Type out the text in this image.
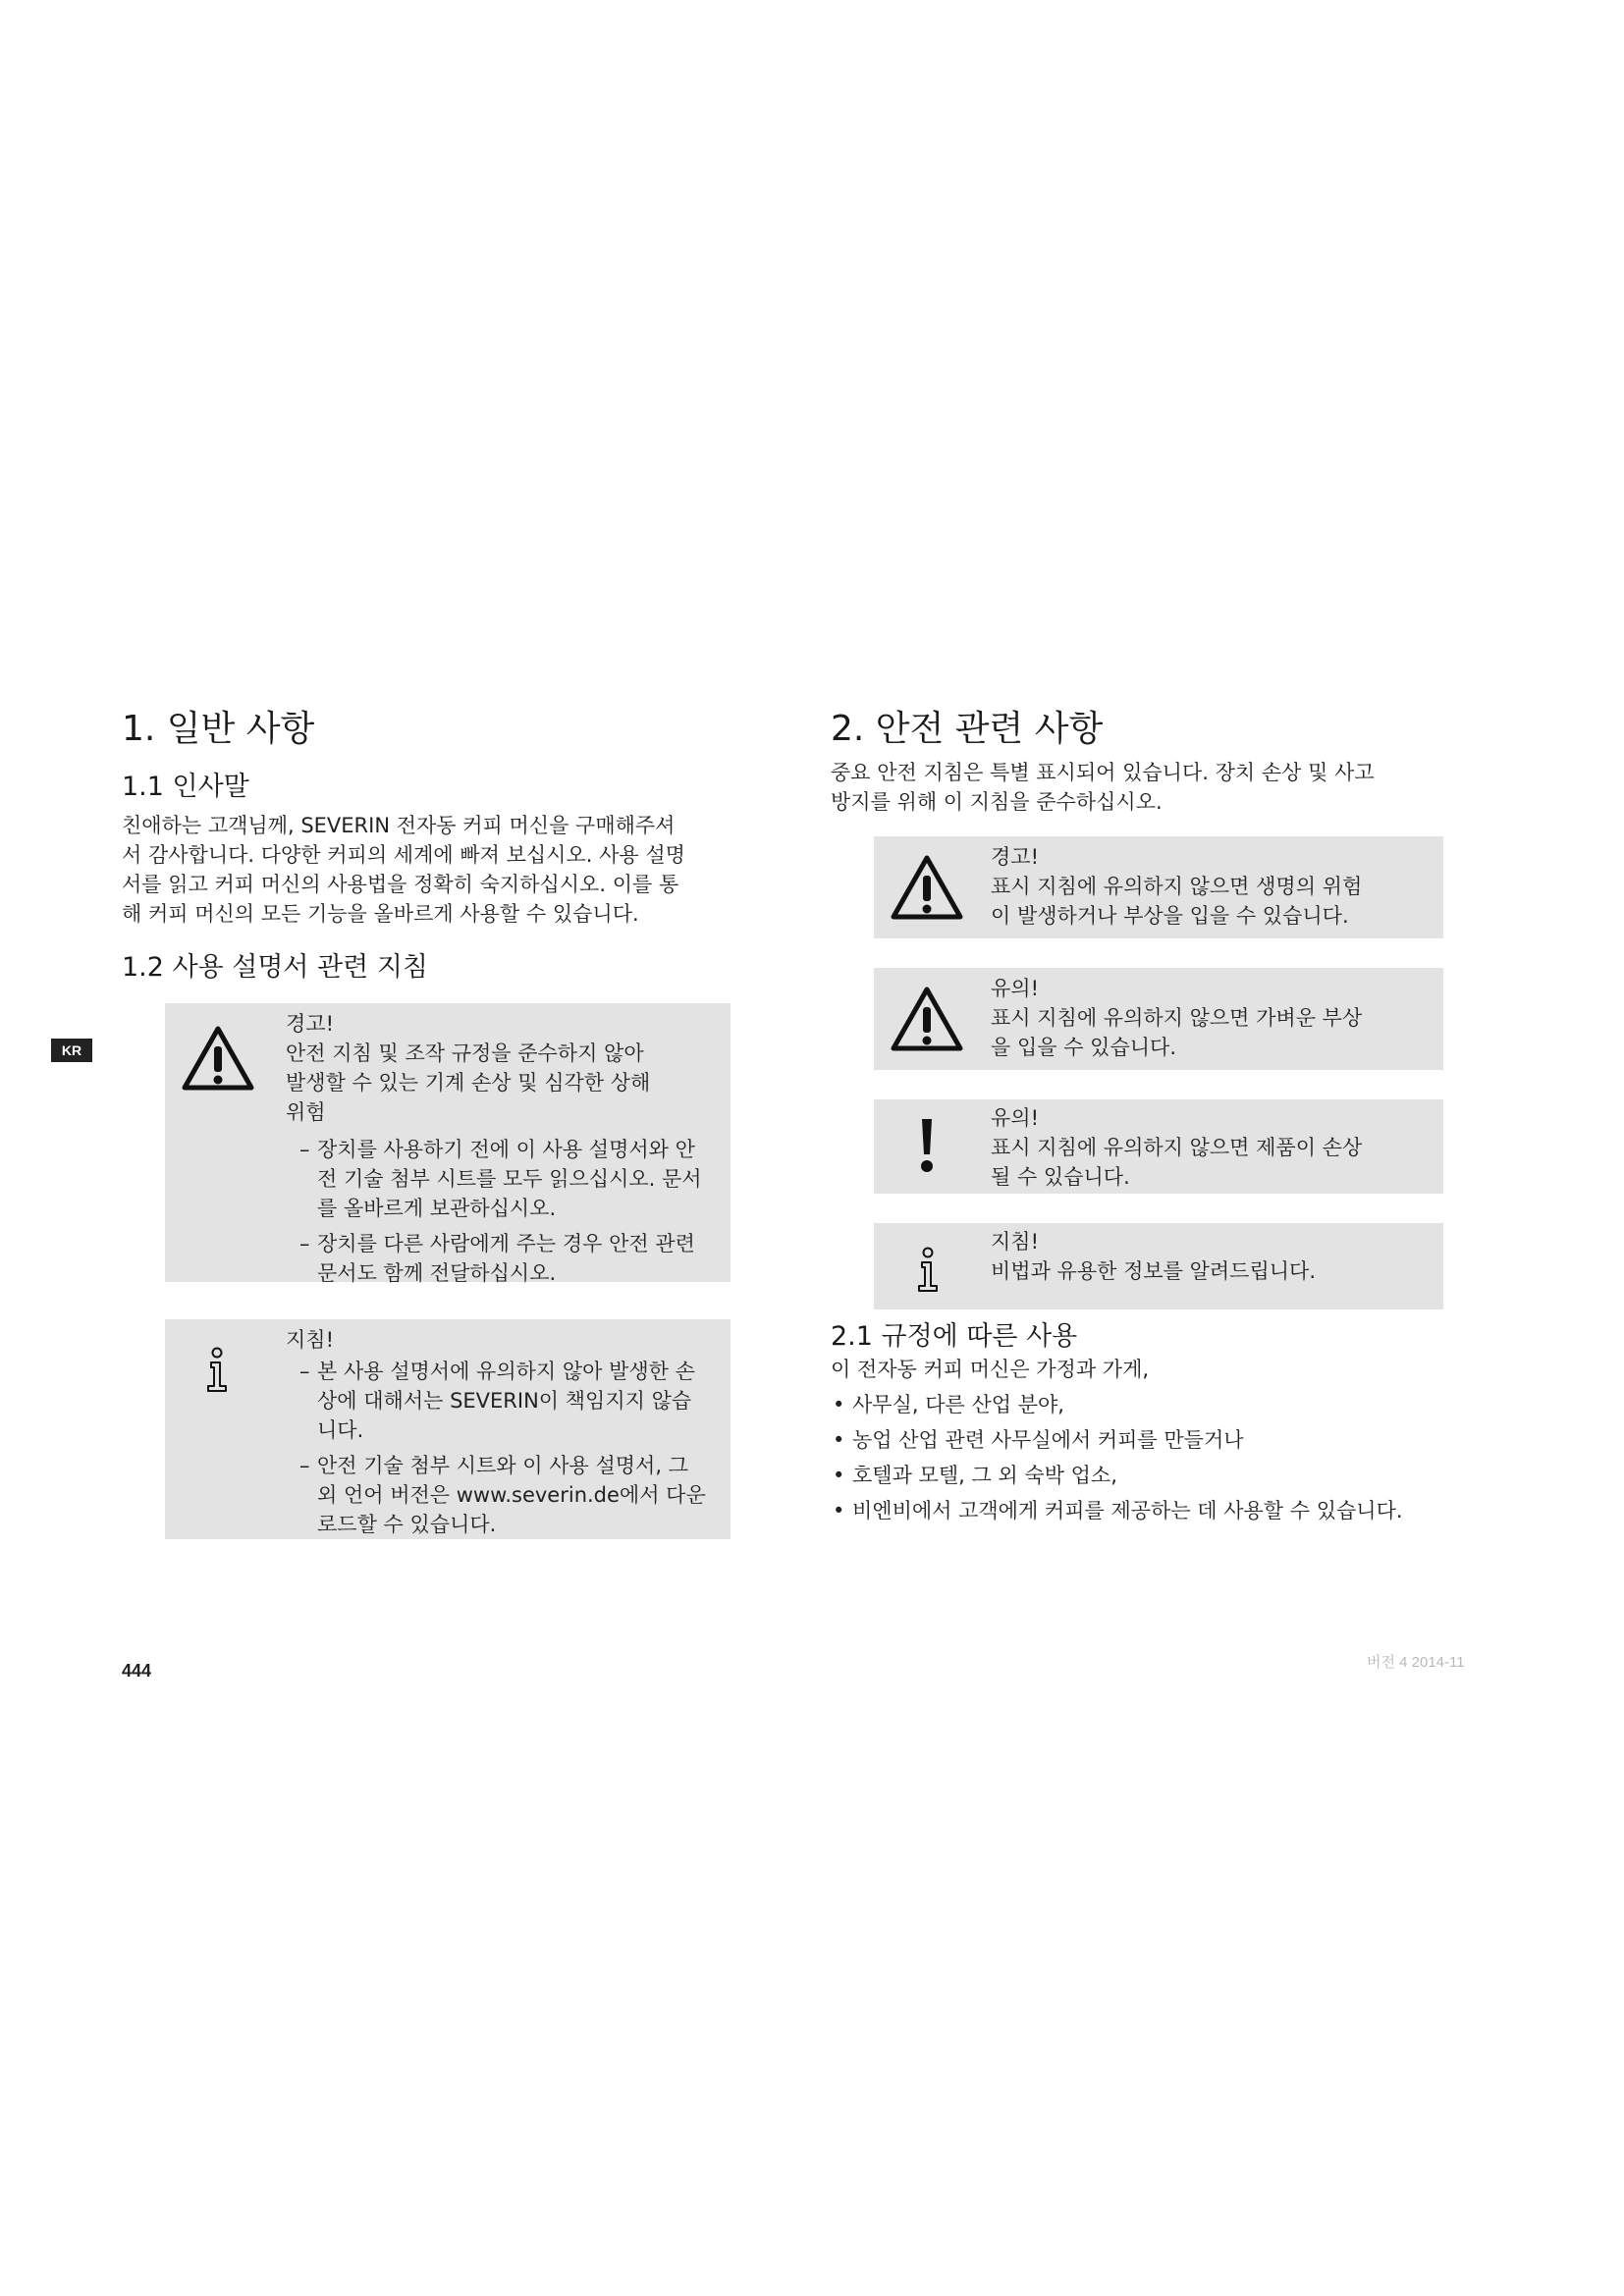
KR
1. 일반 사항
1.1 인사말

친애하는 고객님께, SEVERIN 전자동 커피 머신을 구매해주셔

서 감사합니다. 다양한 커피의 세계에 빠져 보십시오. 사용 설명

서를 읽고 커피 머신의 사용법을 정확히 숙지하십시오. 이를 통

해 커피 머신의 모든 기능을 올바르게 사용할 수 있습니다.

1.2 사용 설명서 관련 지침
경고!
안전 지침 및 조작 규정을 준수하지 않아
발생할 수 있는 기계 손상 및 심각한 상해
위험
– 장치를 사용하기 전에 이 사용 설명서와 안전 기술 첨부 시트를 모두 읽으십시오. 문서를 올바르게 보관하십시오.
– 장치를 다른 사람에게 주는 경우 안전 관련 문서도 함께 전달하십시오.
지침!
– 본 사용 설명서에 유의하지 않아 발생한 손상에 대해서는 SEVERIN이 책임지지 않습니다.
– 안전 기술 첨부 시트와 이 사용 설명서, 그 외 언어 버전은 www.severin.de에서 다운로드할 수 있습니다.
2. 안전 관련 사항

중요 안전 지침은 특별 표시되어 있습니다. 장치 손상 및 사고

방지를 위해 이 지침을 준수하십시오.

경고!
표시 지침에 유의하지 않으면 생명의 위험
이 발생하거나 부상을 입을 수 있습니다.
유의!
표시 지침에 유의하지 않으면 가벼운 부상
을 입을 수 있습니다.
유의!
표시 지침에 유의하지 않으면 제품이 손상
될 수 있습니다.
지침!
비법과 유용한 정보를 알려드립니다.
2.1 규정에 따른 사용

이 전자동 커피 머신은 가정과 가게,

• 사무실, 다른 산업 분야,
• 농업 산업 관련 사무실에서 커피를 만들거나
• 호텔과 모텔, 그 외 숙박 업소,
• 비엔비에서 고객에게 커피를 제공하는 데 사용할 수 있습니다.
444	버전 4 2014-11
